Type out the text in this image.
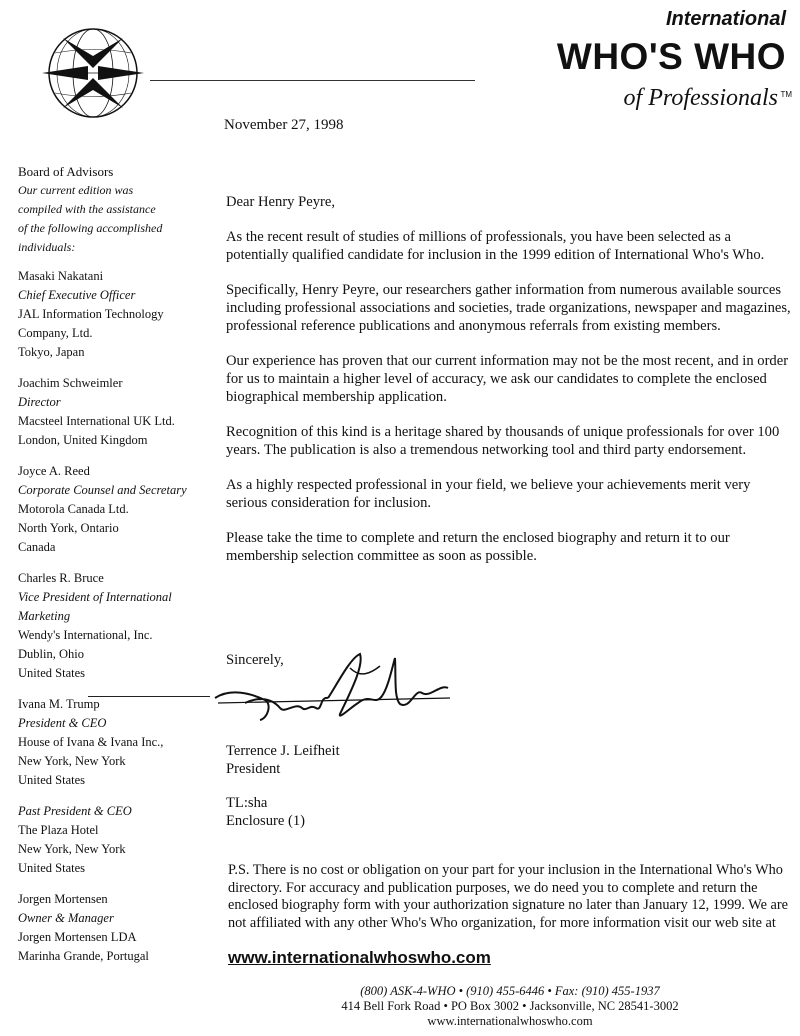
International
WHO'S WHO
of Professionals TM
November 27, 1998
Board of Advisors
Our current edition was
compiled with the assistance
of the following accomplished
individuals:
Masaki Nakatani
Chief Executive Officer
JAL Information Technology
Company, Ltd.
Tokyo, Japan
Joachim Schweimler
Director
Macsteel International UK Ltd.
London, United Kingdom
Joyce A. Reed
Corporate Counsel and Secretary
Motorola Canada Ltd.
North York, Ontario
Canada
Charles R. Bruce
Vice President of International
Marketing
Wendy's International, Inc.
Dublin, Ohio
United States
Ivana M. Trump
President & CEO
House of Ivana & Ivana Inc.,
New York, New York
United States
Past President & CEO
The Plaza Hotel
New York, New York
United States
Jorgen Mortensen
Owner & Manager
Jorgen Mortensen LDA
Marinha Grande, Portugal

Dear Henry Peyre,

As the recent result of studies of millions of professionals, you have been selected as a potentially qualified candidate for inclusion in the 1999 edition of International Who's Who.

Specifically, Henry Peyre, our researchers gather information from numerous available sources including professional associations and societies, trade organizations, newspaper and magazines, professional reference publications and anonymous referrals from existing members.

Our experience has proven that our current information may not be the most recent, and in order for us to maintain a higher level of accuracy, we ask our candidates to complete the enclosed biographical membership application.

Recognition of this kind is a heritage shared by thousands of unique professionals for over 100 years. The publication is also a tremendous networking tool and third party endorsement.

As a highly respected professional in your field, we believe your achievements merit very serious consideration for inclusion.

Please take the time to complete and return the enclosed biography and return it to our membership selection committee as soon as possible.

Sincerely,
Terrence J. Leifheit
President
TL:sha
Enclosure (1)
P.S. There is no cost or obligation on your part for your inclusion in the International Who's Who directory. For accuracy and publication purposes, we do need you to complete and return the enclosed biography form with your authorization signature no later than January 12, 1999. We are not affiliated with any other Who's Who organization, for more information visit our web site at
www.internationalwhoswho.com
(800) ASK-4-WHO • (910) 455-6446 • Fax: (910) 455-1937
414 Bell Fork Road • PO Box 3002 • Jacksonville, NC 28541-3002
www.internationalwhoswho.com
